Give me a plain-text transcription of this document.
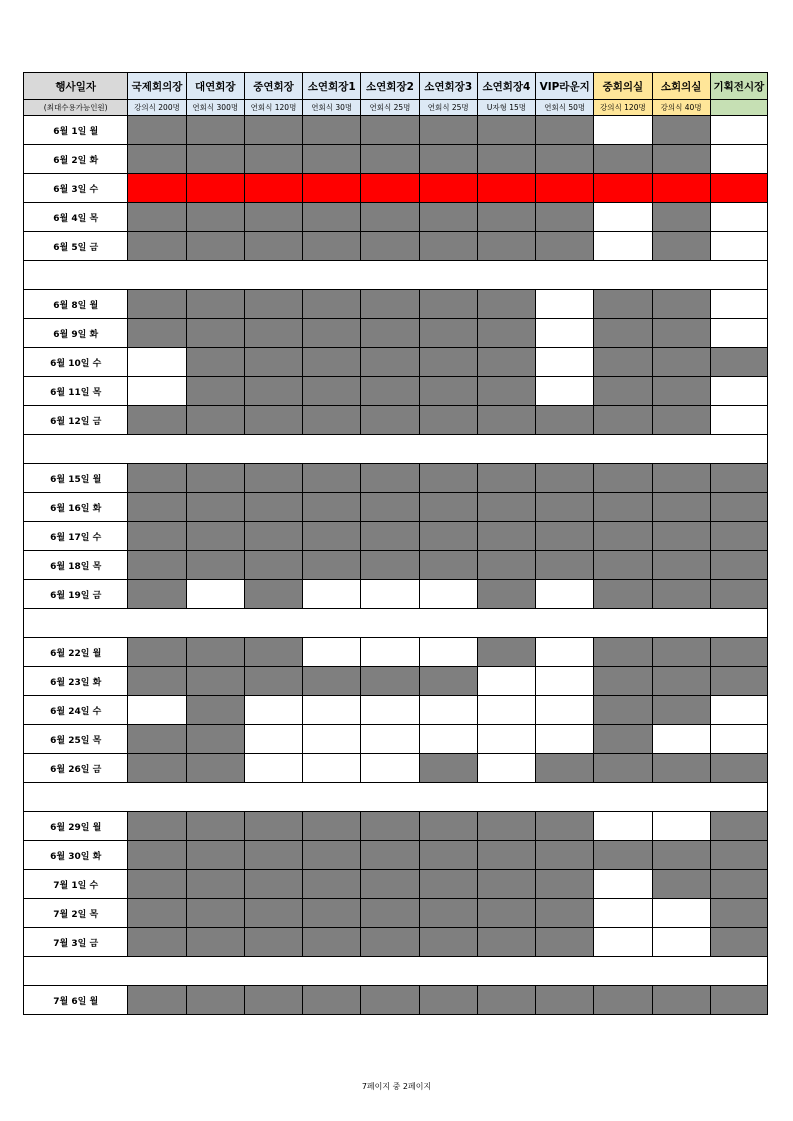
행사일자	국제회의장	대연회장	중연회장	소연회장1	소연회장2	소연회장3	소연회장4	VIP라운지	중회의실	소회의실	기획전시장
(최대수용가능인원)	강의식 200명	연회식 300명	연회식 120명	연회식 30명	연회식 25명	연회식 25명	U자형 15명	연회식 50명	강의식 120명	강의식 40명	
6월 1일 월											
6월 2일 화											
6월 3일 수											
6월 4일 목											
6월 5일 금											

6월 8일 월											
6월 9일 화											
6월 10일 수											
6월 11일 목											
6월 12일 금											

6월 15일 월											
6월 16일 화											
6월 17일 수											
6월 18일 목											
6월 19일 금											

6월 22일 월											
6월 23일 화											
6월 24일 수											
6월 25일 목											
6월 26일 금											

6월 29일 월											
6월 30일 화											
7월 1일 수											
7월 2일 목											
7월 3일 금											

7월 6일 월											
7페이지 중 2페이지
